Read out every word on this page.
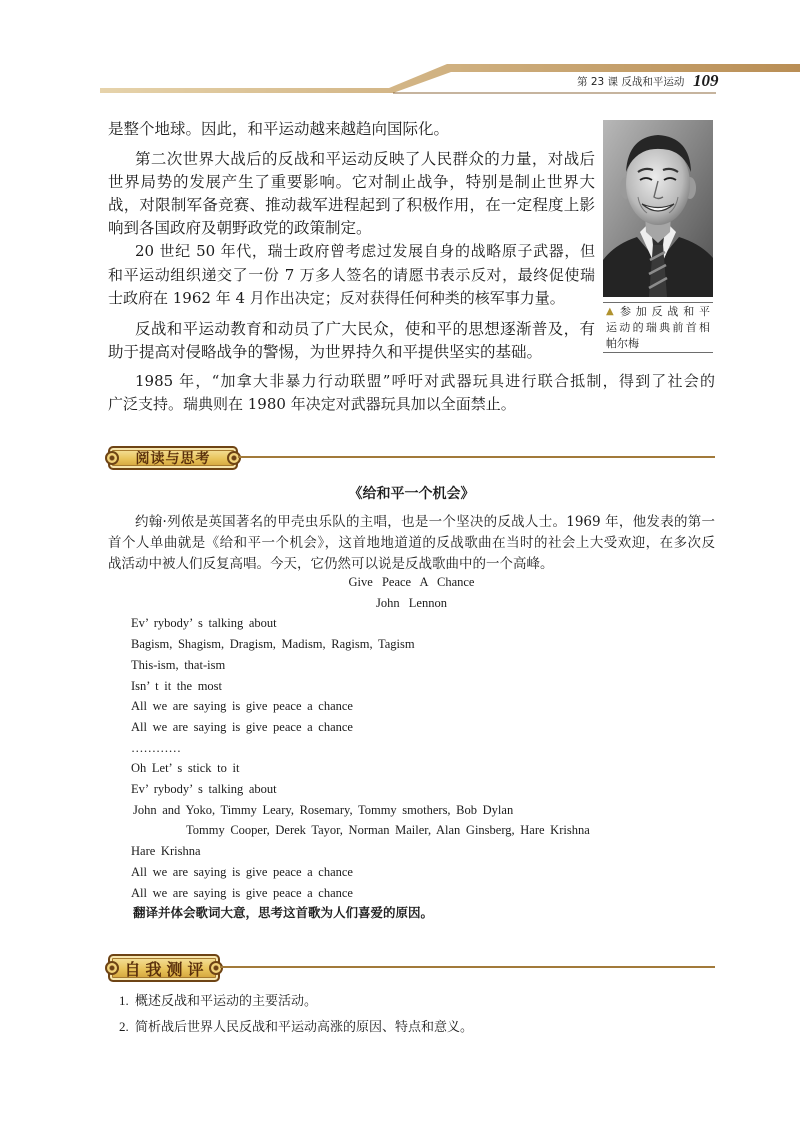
第 23 课 反战和平运动 109
是整个地球。因此，和平运动越来越趋向国际化。
第二次世界大战后的反战和平运动反映了人民群众的力量，对战后
世界局势的发展产生了重要影响。它对制止战争，特别是制止世界大
战，对限制军备竞赛、推动裁军进程起到了积极作用，在一定程度上影
响到各国政府及朝野政党的政策制定。
20 世纪 50 年代，瑞士政府曾考虑过发展自身的战略原子武器，但
和平运动组织递交了一份 7 万多人签名的请愿书表示反对，最终促使瑞
士政府在 1962 年 4 月作出决定；反对获得任何种类的核军事力量。
反战和平运动教育和动员了广大民众，使和平的思想逐渐普及，有
助于提高对侵略战争的警惕，为世界持久和平提供坚实的基础。
1985 年，“加拿大非暴力行动联盟”呼吁对武器玩具进行联合抵制，得到了社会的
广泛支持。瑞典则在 1980 年决定对武器玩具加以全面禁止。
▲ 参加反战和平
运动的瑞典前首相
帕尔梅
阅读与思考
《给和平一个机会》
约翰·列侬是英国著名的甲壳虫乐队的主唱，也是一个坚决的反战人士。1969 年，他发表的第一
首个人单曲就是《给和平一个机会》，这首地地道道的反战歌曲在当时的社会上大受欢迎，在多次反
战活动中被人们反复高唱。今天，它仍然可以说是反战歌曲中的一个高峰。
Give Peace A Chance
John Lennon
Ev’ rybody’ s talking about
Bagism, Shagism, Dragism, Madism, Ragism, Tagism
This-ism, that-ism
Isn’ t it the most
All we are saying is give peace a chance
All we are saying is give peace a chance
…………
Oh Let’ s stick to it
Ev’ rybody’ s talking about
John and Yoko, Timmy Leary, Rosemary, Tommy smothers, Bob Dylan
Tommy Cooper, Derek Tayor, Norman Mailer, Alan Ginsberg, Hare Krishna
Hare Krishna
All we are saying is give peace a chance
All we are saying is give peace a chance
翻译并体会歌词大意，思考这首歌为人们喜爱的原因。
自我测评
1. 概述反战和平运动的主要活动。
2. 简析战后世界人民反战和平运动高涨的原因、特点和意义。
